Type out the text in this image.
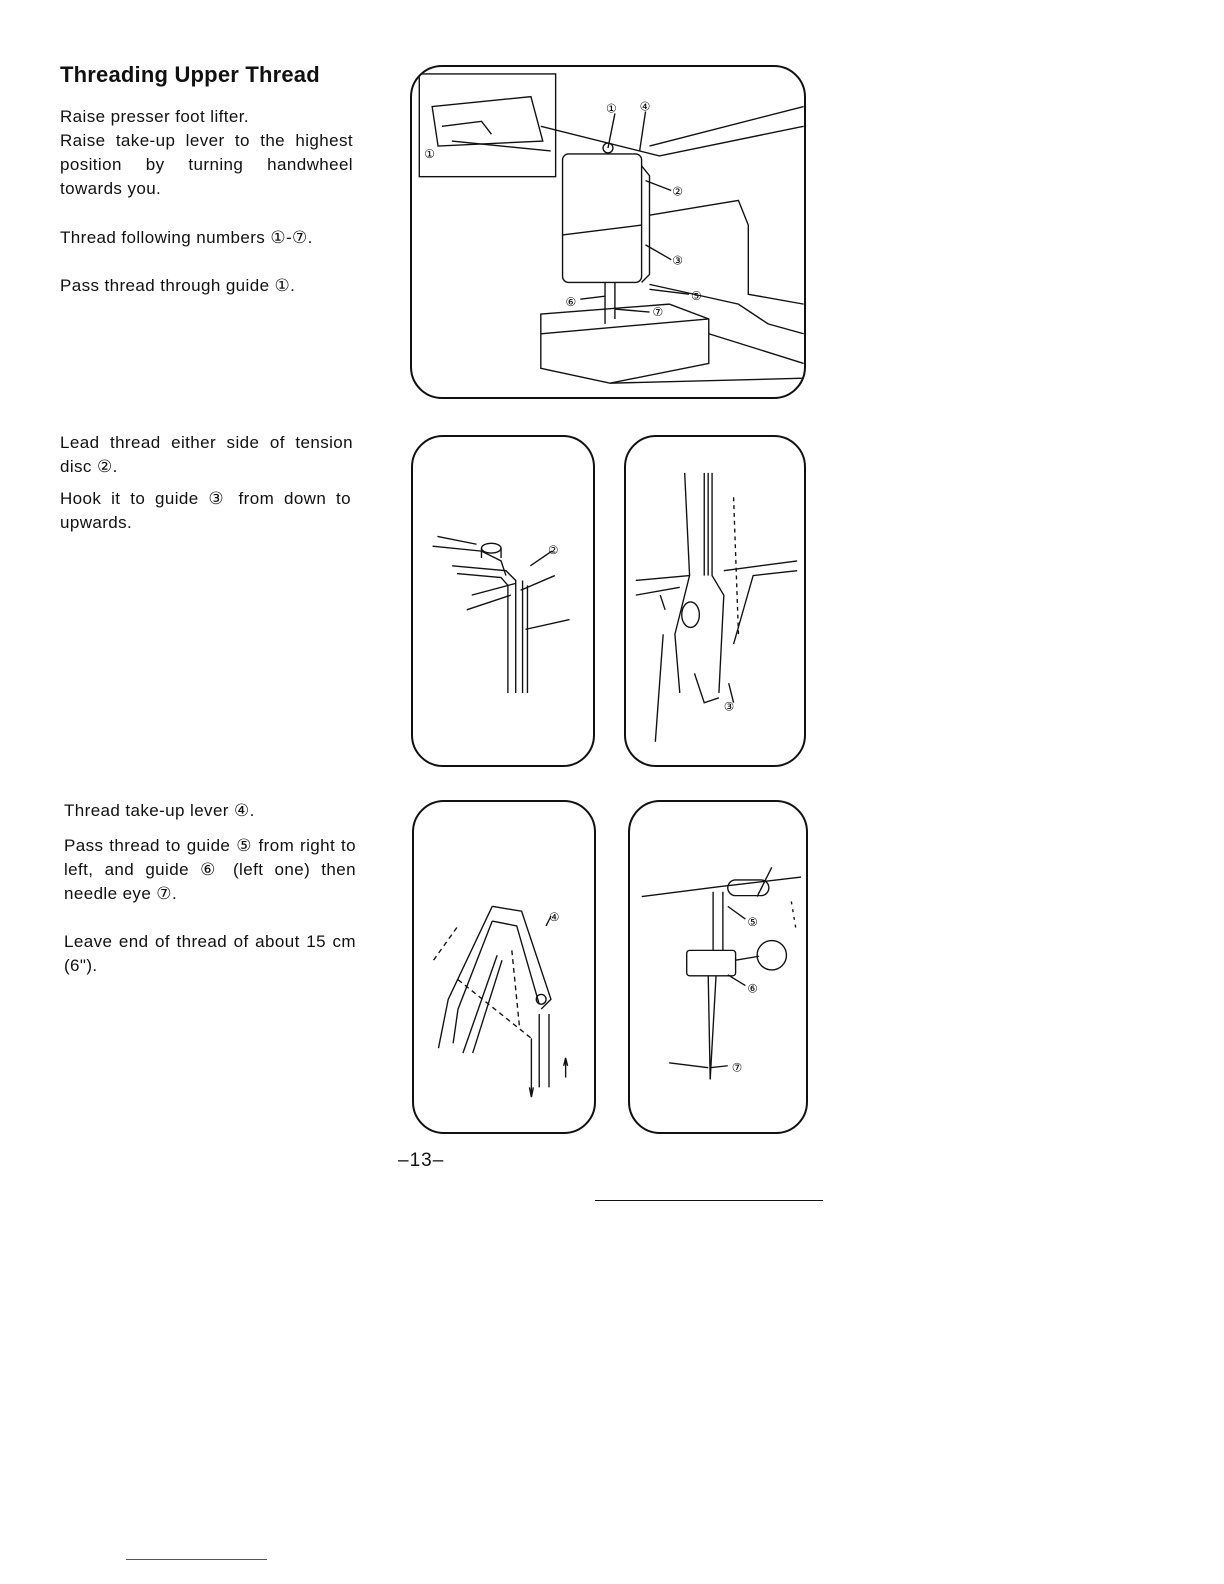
Threading Upper Thread

Raise presser foot lifter.

Raise take-up lever to the highest position by turning handwheel towards you.

Thread following numbers ①-⑦.

Pass thread through guide ①.

Lead thread either side of tension disc ②.

Hook it to guide ③ from down to upwards.

Thread take-up lever ④.

Pass thread to guide ⑤ from right to left, and guide ⑥ (left one) then needle eye ⑦.

Leave end of thread of about 15 cm (6").

①
① ④
②
③
⑤
⑥
⑦
②
③
④	⑤
⑥
⑦

–13–
